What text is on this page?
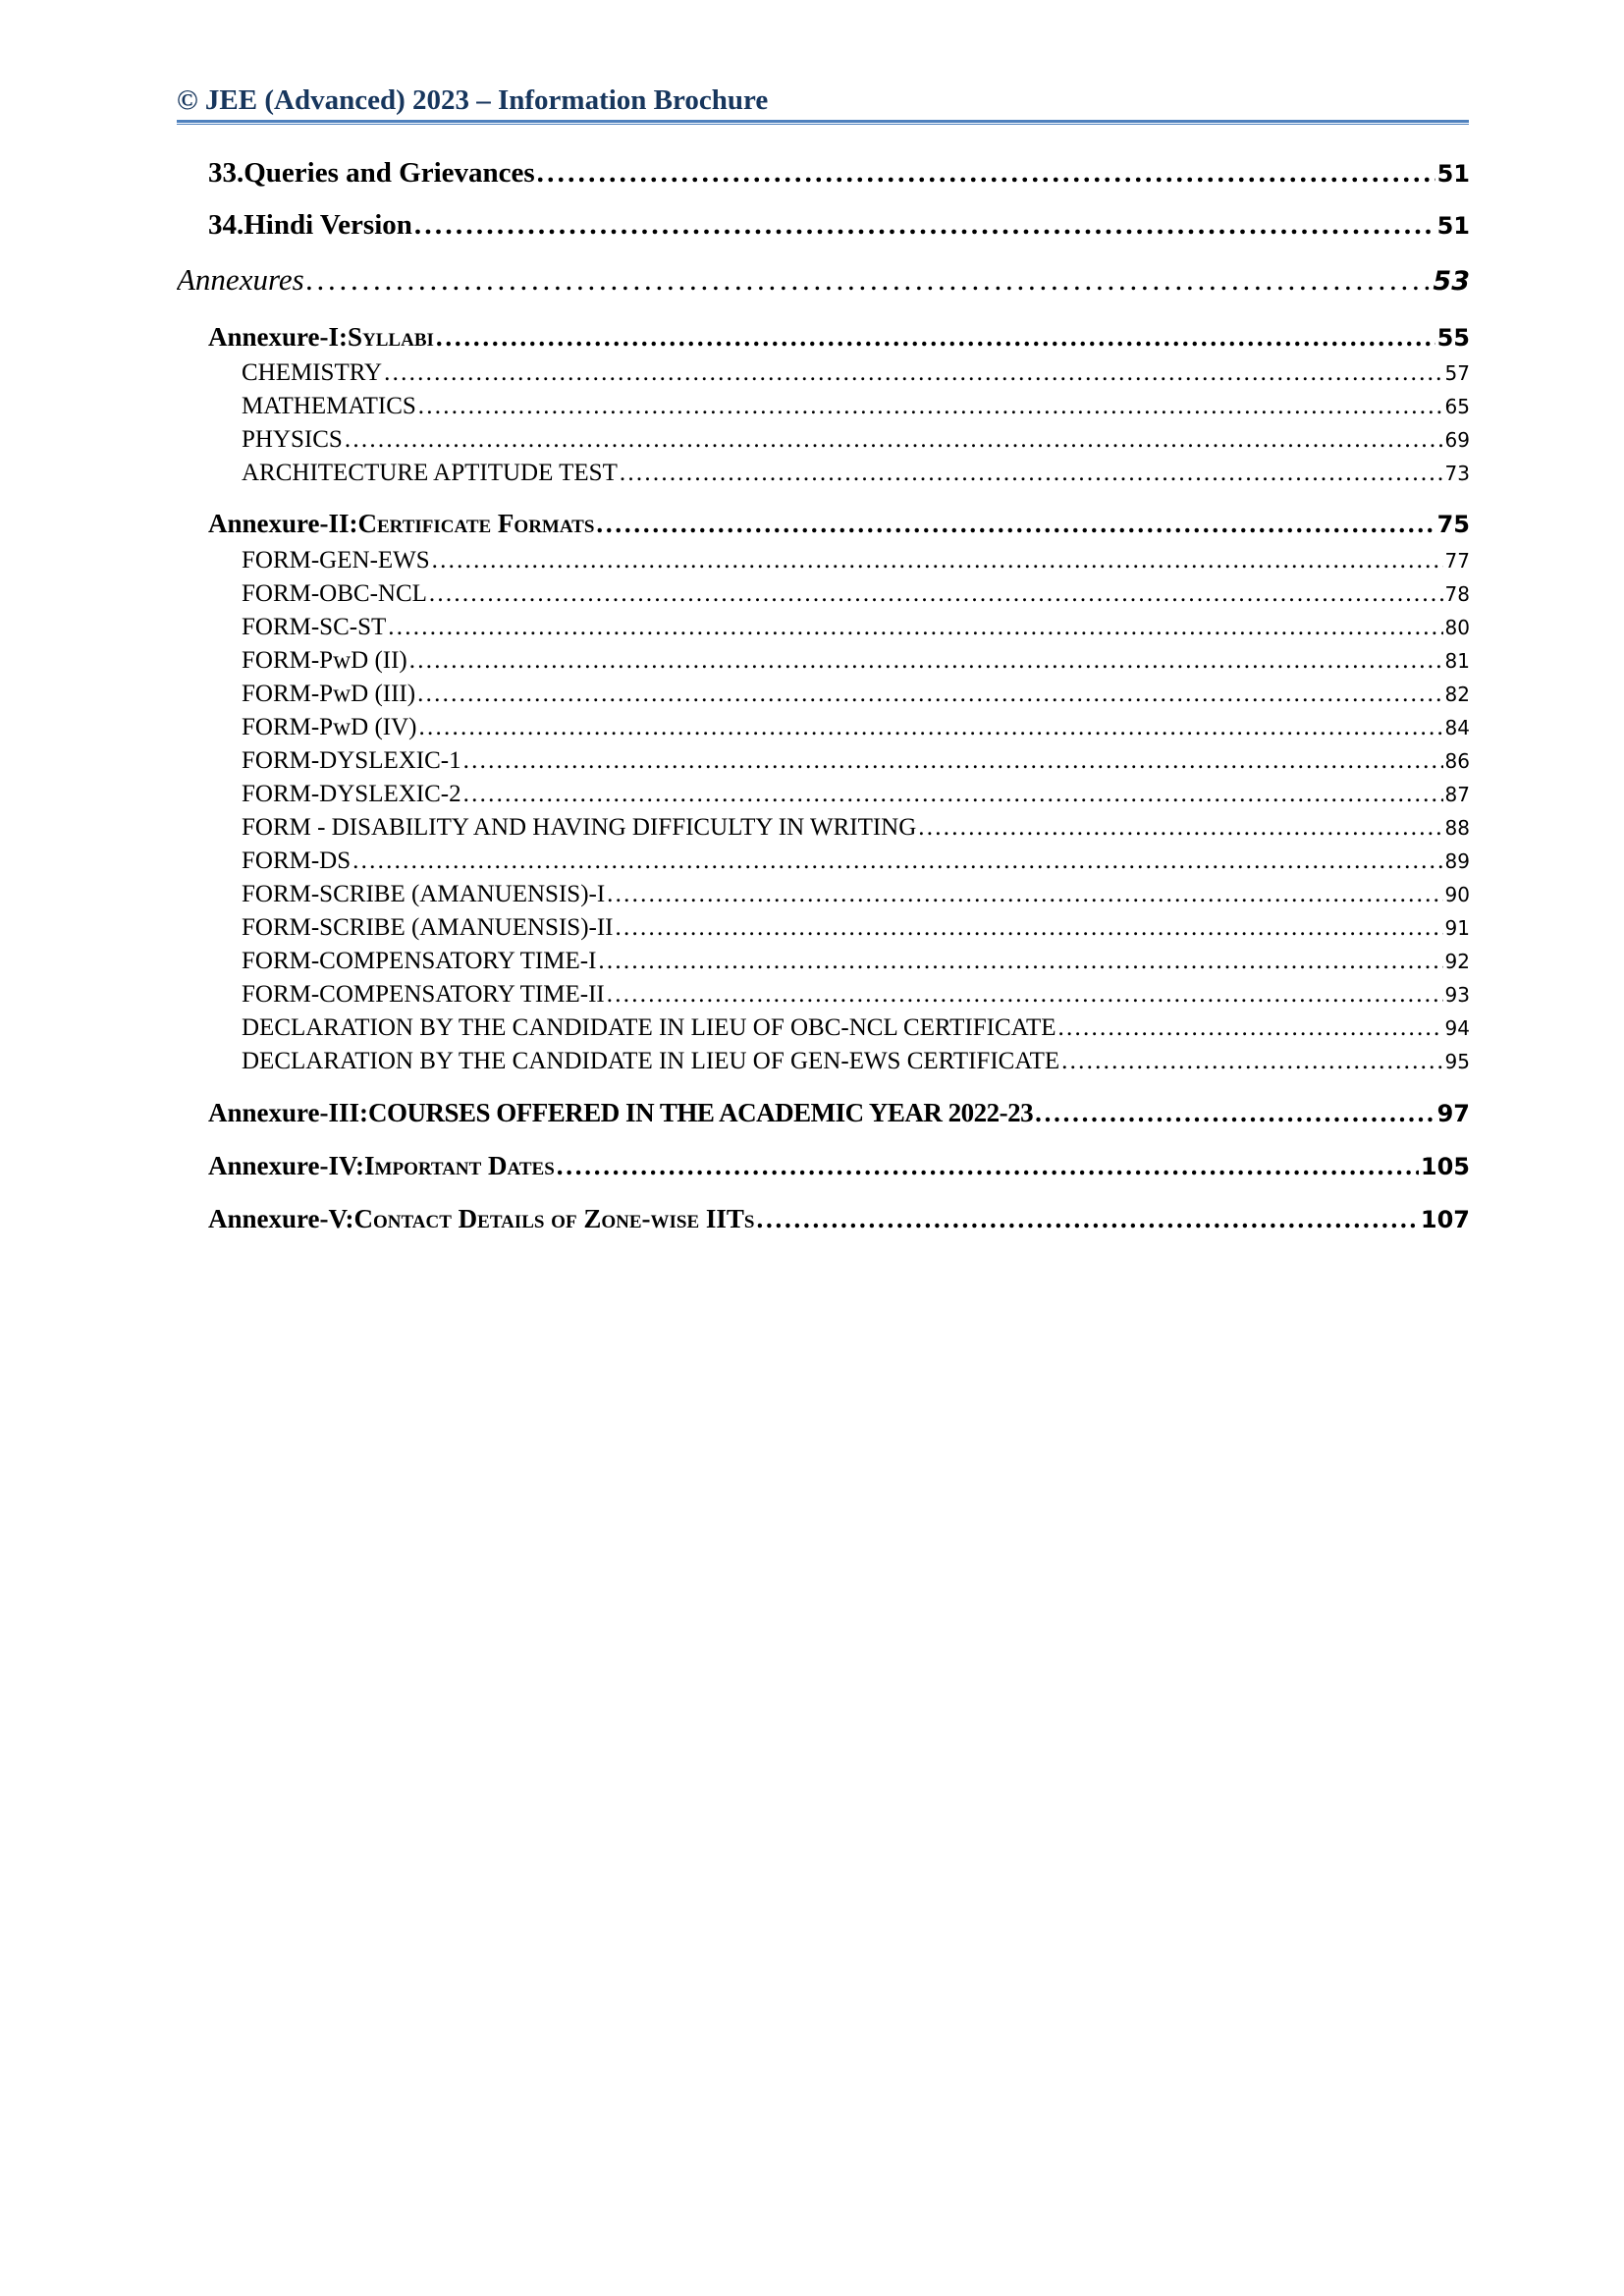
© JEE (Advanced) 2023 – Information Brochure
33. Queries and Grievances . . .	51
34. Hindi Version . . .	51
Annexures . . .	53
Annexure-I: Syllabi . . .	55
CHEMISTRY . . .	57
MATHEMATICS . . .	65
PHYSICS . . .	69
ARCHITECTURE APTITUDE TEST . . .	73
Annexure-II: Certificate Formats . . .	75
FORM-GEN-EWS . . .	77
FORM-OBC-NCL . . .	78
FORM-SC-ST . . .	80
FORM-PwD (II) . . .	81
FORM-PwD (III) . . .	82
FORM-PwD (IV) . . .	84
FORM-DYSLEXIC-1 . . .	86
FORM-DYSLEXIC-2 . . .	87
FORM - DISABILITY AND HAVING DIFFICULTY IN WRITING . . .	88
FORM-DS . . .	89
FORM-SCRIBE (AMANUENSIS)-I . . .	90
FORM-SCRIBE (AMANUENSIS)-II . . .	91
FORM-COMPENSATORY TIME-I . . .	92
FORM-COMPENSATORY TIME-II . . .	93
DECLARATION BY THE CANDIDATE IN LIEU OF OBC-NCL CERTIFICATE . . .	94
DECLARATION BY THE CANDIDATE IN LIEU OF GEN-EWS CERTIFICATE . . .	95
Annexure-III: COURSES OFFERED IN THE ACADEMIC YEAR 2022-23 . . .	97
Annexure-IV: Important Dates . . .	105
Annexure-V: Contact Details of Zone-wise IITs . . .	107
